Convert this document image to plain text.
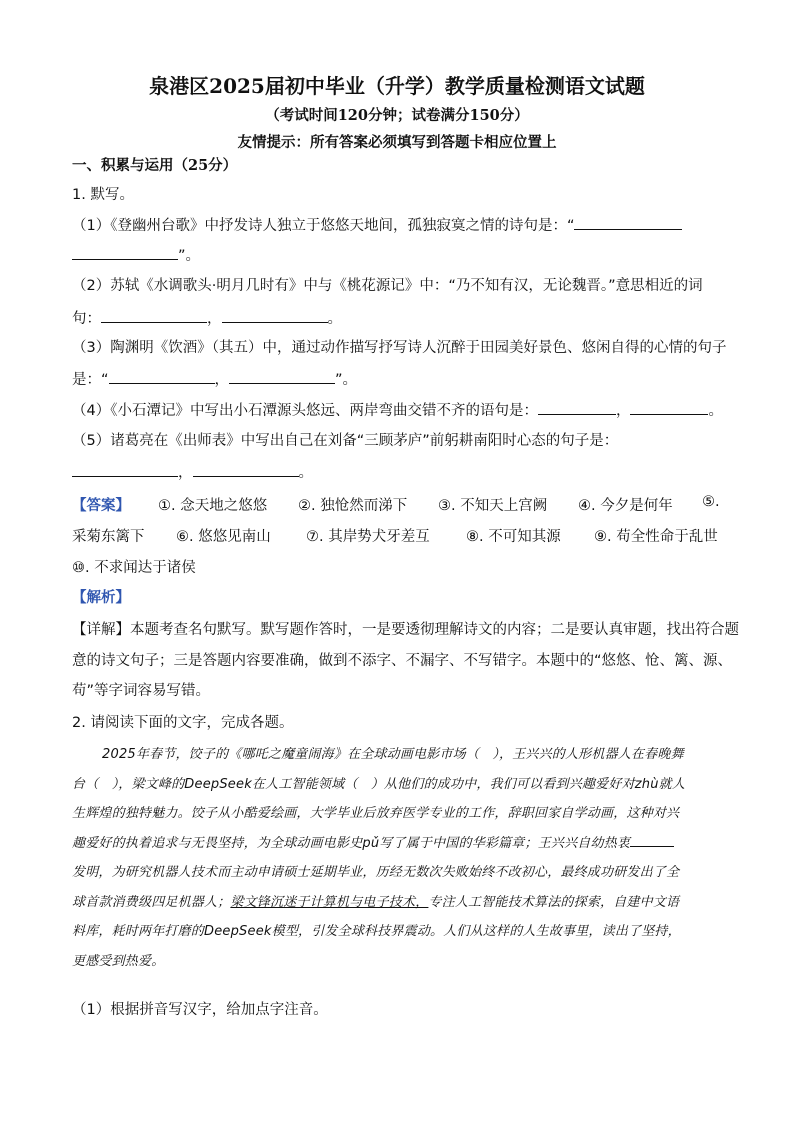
泉港区2025届初中毕业（升学）教学质量检测语文试题
（考试时间120分钟；试卷满分150分）
友情提示：所有答案必须填写到答题卡相应位置上
一、积累与运用（25分）
1. 默写。
（1）《登幽州台歌》中抒发诗人独立于悠悠天地间，孤独寂寞之情的诗句是：“
”。
（2）苏轼《水调歌头·明月几时有》中与《桃花源记》中：“乃不知有汉，无论魏晋。”意思相近的词
句：	，	。
（3）陶渊明《饮酒》（其五）中，通过动作描写抒写诗人沉醉于田园美好景色、悠闲自得的心情的句子
是：“	，	”。
（4）《小石潭记》中写出小石潭源头悠远、两岸弯曲交错不齐的语句是：	，	。
（5）诸葛亮在《出师表》中写出自己在刘备“三顾茅庐”前躬耕南阳时心态的句子是：
，	。
【答案】 ①. 念天地之悠悠 ②. 独怆然而涕下 ③. 不知天上宫阙 ④. 今夕是何年 ⑤.
采菊东篱下 ⑥. 悠悠见南山 ⑦. 其岸势犬牙差互	⑧. 不可知其源 ⑨. 苟全性命于乱世
⑩. 不求闻达于诸侯
【解析】
【详解】本题考查名句默写。默写题作答时，一是要透彻理解诗文的内容；二是要认真审题，找出符合题
意的诗文句子；三是答题内容要准确，做到不添字、不漏字、不写错字。本题中的“悠悠、怆、篱、源、
苟”等字词容易写错。
2. 请阅读下面的文字，完成各题。
2025年春节，饺子的《哪吒之魔童闹海》在全球动画电影市场（　），王兴兴的人形机器人在春晚舞
台（　），梁文峰的DeepSeek在人工智能领域（　）从他们的成功中，我们可以看到兴趣爱好对zhù就人
生辉煌的独特魅力。饺子从小酷爱绘画，大学毕业后放弃医学专业的工作，辞职回家自学动画，这种对兴
趣爱好的执着追求与无畏坚持，为全球动画电影史pǔ写了属于中国的华彩篇章；王兴兴自幼热衷
发明，为研究机器人技术而主动申请硕士延期毕业，历经无数次失败始终不改初心，最终成功研发出了全
球首款消费级四足机器人；梁文锋沉迷于计算机与电子技术，专注人工智能技术算法的探索，自建中文语
料库，耗时两年打磨的DeepSeek模型，引发全球科技界震动。人们从这样的人生故事里，读出了坚持，
更感受到热爱。
（1）根据拼音写汉字，给加点字注音。
